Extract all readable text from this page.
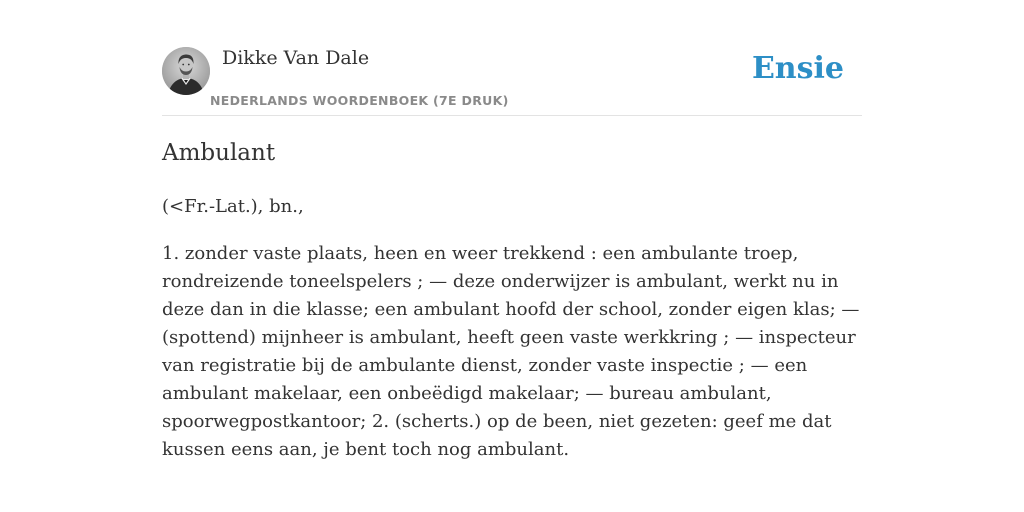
Dikke Van Dale
NEDERLANDS WOORDENBOEK (7E DRUK)
Ensie
Ambulant

(<Fr.-Lat.), bn.,

1. zonder vaste plaats, heen en weer trekkend : een ambulante troep, rondreizende toneelspelers ; — deze onderwijzer is ambulant, werkt nu in deze dan in die klasse; een ambulant hoofd der school, zonder eigen klas; — (spottend) mijnheer is ambulant, heeft geen vaste werkkring ; — inspecteur van registratie bij de ambulante dienst, zonder vaste inspectie ; — een ambulant makelaar, een onbeëdigd makelaar; — bureau ambulant, spoorwegpostkantoor; 2. (scherts.) op de been, niet gezeten: geef me dat kussen eens aan, je bent toch nog ambulant.
